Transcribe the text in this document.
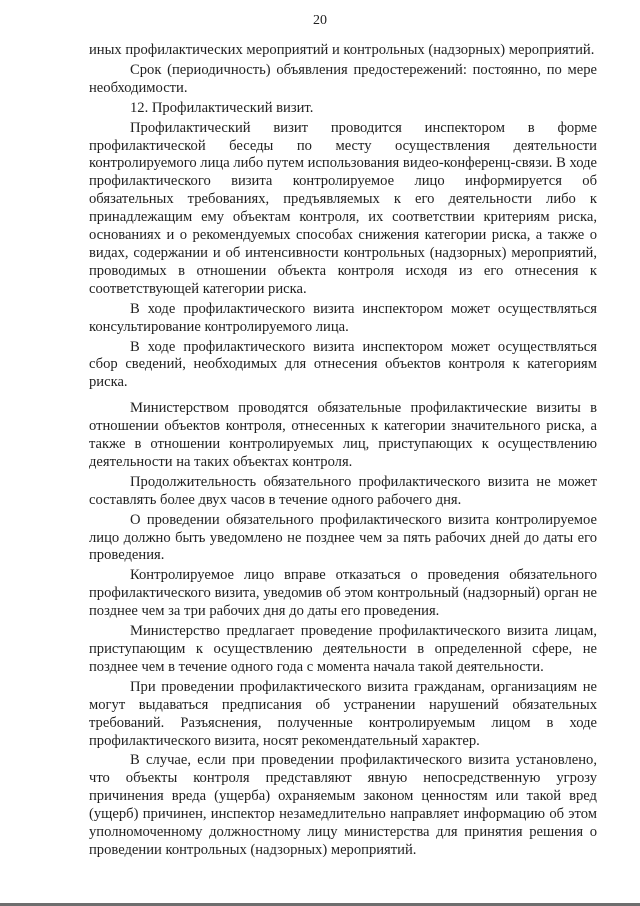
20

иных профилактических мероприятий и контрольных (надзорных) мероприятий.

Срок (периодичность) объявления предостережений: постоянно, по мере необходимости.

12. Профилактический визит.

Профилактический визит проводится инспектором в форме профилактической беседы по месту осуществления деятельности контролируемого лица либо путем использования видео-конференц-связи. В ходе профилактического визита контролируемое лицо информируется об обязательных требованиях, предъявляемых к его деятельности либо к принадлежащим ему объектам контроля, их соответствии критериям риска, основаниях и о рекомендуемых способах снижения категории риска, а также о видах, содержании и об интенсивности контрольных (надзорных) мероприятий, проводимых в отношении объекта контроля исходя из его отнесения к соответствующей категории риска.

В ходе профилактического визита инспектором может осуществляться консультирование контролируемого лица.

В ходе профилактического визита инспектором может осуществляться сбор сведений, необходимых для отнесения объектов контроля к категориям риска.

Министерством проводятся обязательные профилактические визиты в отношении объектов контроля, отнесенных к категории значительного риска, а также в отношении контролируемых лиц, приступающих к осуществлению деятельности на таких объектах контроля.

Продолжительность обязательного профилактического визита не может составлять более двух часов в течение одного рабочего дня.

О проведении обязательного профилактического визита контролируемое лицо должно быть уведомлено не позднее чем за пять рабочих дней до даты его проведения.

Контролируемое лицо вправе отказаться о проведения обязательного профилактического визита, уведомив об этом контрольный (надзорный) орган не позднее чем за три рабочих дня до даты его проведения.

Министерство предлагает проведение профилактического визита лицам, приступающим к осуществлению деятельности в определенной сфере, не позднее чем в течение одного года с момента начала такой деятельности.

При проведении профилактического визита гражданам, организациям не могут выдаваться предписания об устранении нарушений обязательных требований. Разъяснения, полученные контролируемым лицом в ходе профилактического визита, носят рекомендательный характер.

В случае, если при проведении профилактического визита установлено, что объекты контроля представляют явную непосредственную угрозу причинения вреда (ущерба) охраняемым законом ценностям или такой вред (ущерб) причинен, инспектор незамедлительно направляет информацию об этом уполномоченному должностному лицу министерства для принятия решения о проведении контрольных (надзорных) мероприятий.
